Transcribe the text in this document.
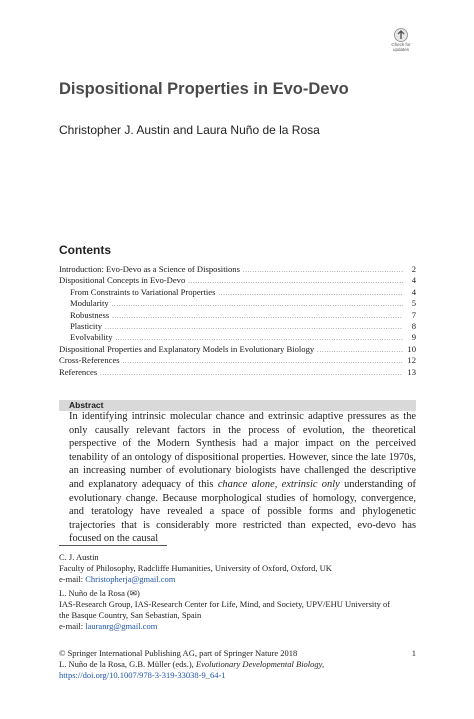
Check for
updates
Dispositional Properties in Evo-Devo
Christopher J. Austin and Laura Nuño de la Rosa
Contents
Introduction: Evo-Devo as a Science of Dispositions . . .	2
Dispositional Concepts in Evo-Devo . . .	4
From Constraints to Variational Properties . . .	4
Modularity . . .	5
Robustness . . .	7
Plasticity . . .	8
Evolvability . . .	9
Dispositional Properties and Explanatory Models in Evolutionary Biology . . .	10
Cross-References . . .	12
References . . .	13
Abstract

In identifying intrinsic molecular chance and extrinsic adaptive pressures as the only causally relevant factors in the process of evolution, the theoretical perspective of the Modern Synthesis had a major impact on the perceived tenability of an ontology of dispositional properties. However, since the late 1970s, an increasing number of evolutionary biologists have challenged the descriptive and explanatory adequacy of this chance alone, extrinsic only understanding of evolutionary change. Because morphological studies of homology, convergence, and teratology have revealed a space of possible forms and phylogenetic trajectories that is considerably more restricted than expected, evo-devo has focused on the causal

C. J. Austin
Faculty of Philosophy, Radcliffe Humanities, University of Oxford, Oxford, UK
e-mail: Christopherja@gmail.com
L. Nuño de la Rosa (✉)
IAS-Research Group, IAS-Research Center for Life, Mind, and Society, UPV/EHU University of
the Basque Country, San Sebastian, Spain
e-mail: lauranrg@gmail.com
© Springer International Publishing AG, part of Springer Nature 2018	1
L. Nuño de la Rosa, G.B. Müller (eds.), Evolutionary Developmental Biology,
https://doi.org/10.1007/978-3-319-33038-9_64-1
